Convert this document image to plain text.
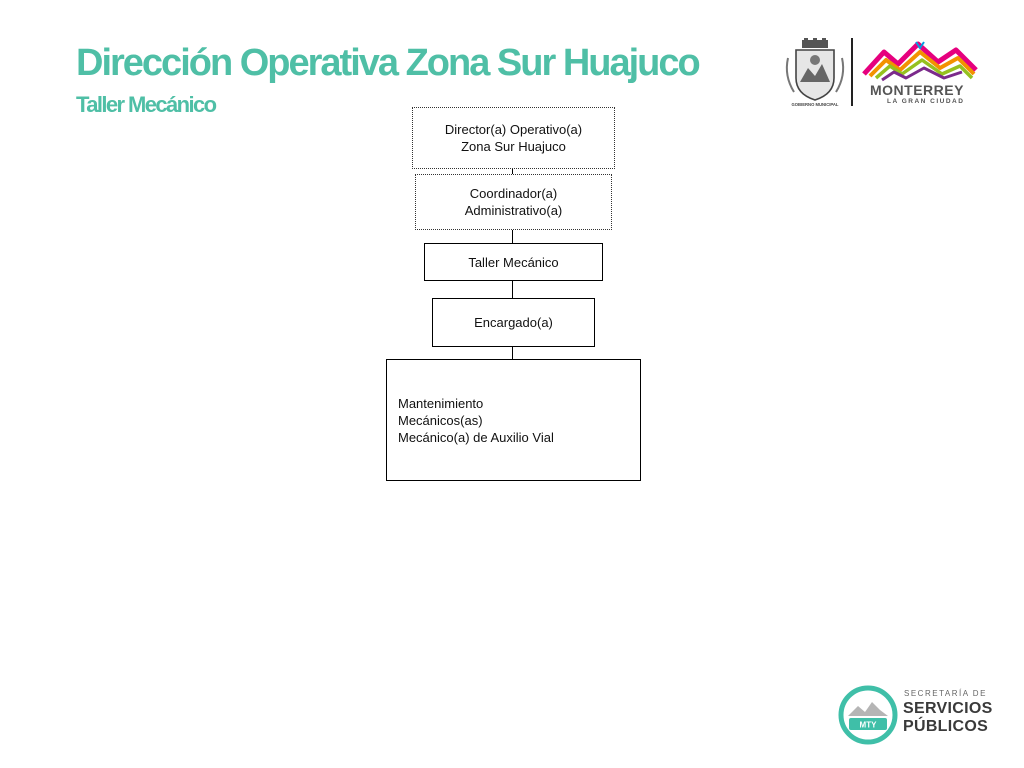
Dirección Operativa Zona Sur Huajuco
Taller Mecánico	GOBIERNO MUNICIPAL
MONTERREY
LA GRAN CIUDAD
Director(a) Operativo(a)
Zona Sur Huajuco
Coordinador(a)
Administrativo(a)
Taller Mecánico
Encargado(a)
Mantenimiento
Mecánicos(as)
Mecánico(a) de Auxilio Vial
MTY
SECRETARÍA DE
SERVICIOS
PÚBLICOS
